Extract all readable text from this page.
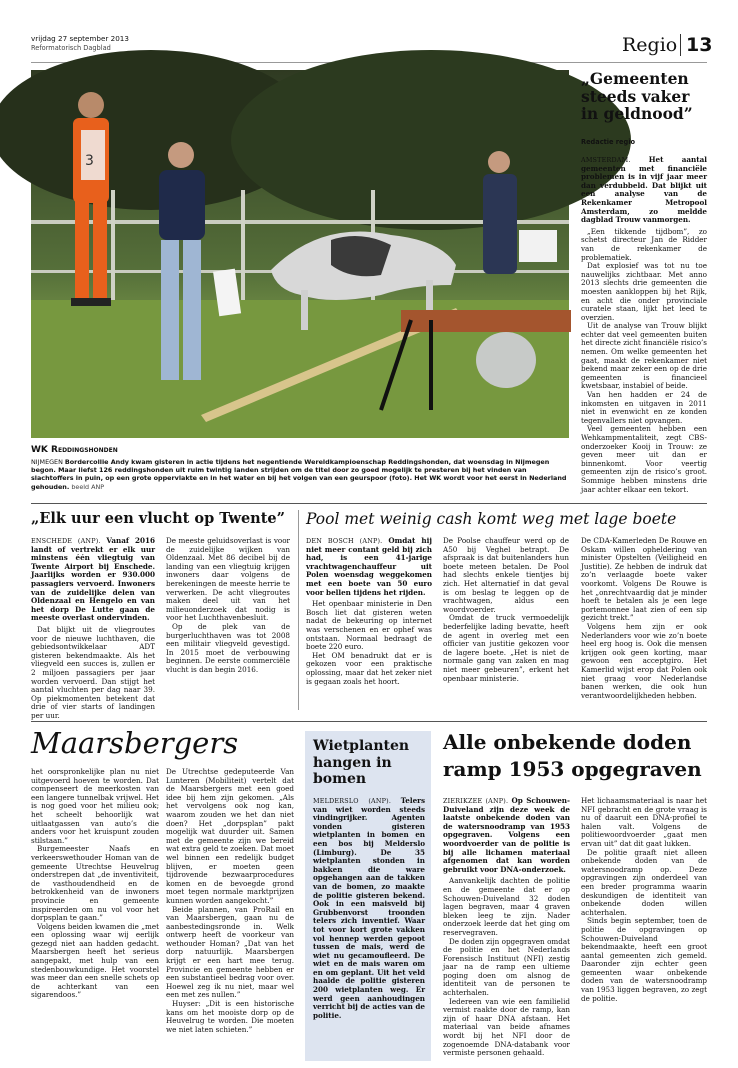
vrijdag 27 september 2013
Reformatorisch Dagblad	Regio 13
3
WK Reddingshonden
NIJMEGEN Bordercollie Andy kwam gisteren in actie tijdens het negentiende Wereldkampioenschap Reddingshonden, dat woensdag in Nijmegen begon. Maar liefst 126 reddingshonden uit ruim twintig landen strijden om de titel door zo goed mogelijk te presteren bij het vinden van slachtoffers in puin, op een grote oppervlakte en in het water en bij het volgen van een geurspoor (foto). Het WK wordt voor het eerst in Nederland gehouden. beeld ANP
„Gemeenten steeds vaker in geldnood”
Redactie regio

AMSTERDAM.	Het aantal gemeenten met financiële problemen is in vijf jaar meer dan verdubbeld. Dat blijkt uit een analyse van de Rekenkamer Metropool Amsterdam, zo meldde dagblad Trouw vanmorgen.

„Een tikkende tijdbom”, zo schetst directeur Jan de Ridder van de rekenkamer de problematiek.

Dat explosief was tot nu toe nauwelijks zichtbaar. Met anno 2013 slechts drie gemeenten die moesten aankloppen bij het Rijk, en acht die onder provinciale curatele staan, lijkt het leed te overzien.

Uit de analyse van Trouw blijkt echter dat veel gemeenten buiten het directe zicht financiële risico’s nemen. Om welke gemeenten het gaat, maakt de rekenkamer niet bekend maar zeker een op de drie gemeenten is financieel kwetsbaar, instabiel of beide.

Van hen hadden er 24 de inkomsten en uitgaven in 2011 niet in evenwicht en ze konden tegenvallers niet opvangen.

Veel gemeenten hebben een Wehkampmentaliteit, zegt CBS-onderzoeker Kooij in Trouw: ze geven meer uit dan er binnenkomt. Voor veertig gemeenten zijn de risico’s groot. Sommige hebben minstens drie jaar achter elkaar een tekort.

„Elk uur een vlucht op Twente”

ENSCHEDE (ANP). Vanaf 2016 landt of vertrekt er elk uur minstens één vliegtuig van Twente Airport bij Enschede. Jaarlijks worden er 930.000 passagiers vervoerd. Inwoners van de zuidelijke delen van Oldenzaal en Hengelo en van het dorp De Lutte gaan de meeste overlast ondervinden.

Dat blijkt uit de vliegroutes voor de nieuwe luchthaven, die gebiedsontwikkelaar ADT gisteren bekendmaakte. Als het vliegveld een succes is, zullen er 2 miljoen passagiers per jaar worden vervoerd. Dan stijgt het aantal vluchten per dag naar 39. Op piekmomenten betekent dat drie of vier starts of landingen per uur.

De meeste geluidsoverlast is voor de zuidelijke wijken van Oldenzaal. Met 86 decibel bij de landing van een vliegtuig krijgen inwoners daar volgens de berekeningen de meeste herrie te verwerken. De acht vliegroutes maken deel uit van het milieuonderzoek dat nodig is voor het Luchthavenbesluit.

Op de plek van de burgerluchthaven was tot 2008 een militair vliegveld gevestigd. In 2015 moet de verbouwing beginnen. De eerste commerciële vlucht is dan begin 2016.

Pool met weinig cash komt weg met lage boete

DEN BOSCH (ANP). Omdat hij niet meer contant geld bij zich had, is een 41-jarige vrachtwagenchauffeur uit Polen woensdag weggekomen met een boete van 50 euro voor bellen tijdens het rijden.

Het openbaar ministerie in Den Bosch liet dat gisteren weten nadat de bekeuring op internet was verschenen en er ophef was ontstaan. Normaal bedraagt de boete 220 euro.

Het OM benadrukt dat er is gekozen voor een praktische oplossing, maar dat het zeker niet is gegaan zoals het hoort.

De Poolse chauffeur werd op de A50 bij Veghel betrapt. De afspraak is dat buitenlanders hun boete meteen betalen. De Pool had slechts enkele tientjes bij zich. Het alternatief in dat geval is om beslag te leggen op de vrachtwagen, aldus een woordvoerder.

Omdat de truck vermoedelijk bederfelijke lading bevatte, heeft de agent in overleg met een officier van justitie gekozen voor de lagere boete. „Het is niet de normale gang van zaken en mag niet meer gebeuren”, erkent het openbaar ministerie.

De CDA-Kamerleden De Rouwe en Oskam willen opheldering van minister Opstelten (Veiligheid en Justitie). Ze hebben de indruk dat zo’n verlaagde boete vaker voorkomt. Volgens De Rouwe is het „onrechtvaardig dat je minder hoeft te betalen als je een lege portemonnee laat zien of een sip gezicht trekt.”

Volgens hem zijn er ook Nederlanders voor wie zo’n boete heel erg hoog is. Ook die mensen krijgen ook geen korting, maar gewoon een acceptgiro. Het Kamerlid wijst erop dat Polen ook niet graag voor Nederlandse banen werken, die ook hun verantwoordelijkheden hebben.

Maarsbergers

het oorspronkelijke plan nu niet uitgevoerd hoeven te worden. Dat compenseert de meerkosten van een langere tunnelbak vrijwel. Het is nog goed voor het milieu ook; het scheelt behoorlijk wat uitlaatgassen van auto’s die anders voor het kruispunt zouden stilstaan.”

Burgemeester Naafs en verkeerswethouder Homan van de gemeente Utrechtse Heuvelrug onderstrepen dat „de inventiviteit, de vasthoudendheid en de betrokkenheid van de inwoners provincie en gemeente inspireerden om nu vol voor het dorpsplan te gaan.”

Volgens beiden kwamen die „met een oplossing waar wij eerlijk gezegd niet aan hadden gedacht. Maarsbergen heeft het serieus aangepakt, met hulp van een stedenbouwkundige. Het voorstel was meer dan een snelle schets op de achterkant van een sigarendoos.”

De Utrechtse gedeputeerde Van Lunteren (Mobiliteit) vertelt dat de Maarsbergers met een goed idee bij hem zijn gekomen. „Als het vervolgens ook nog kan, waarom zouden we het dan niet doen? Het „dorpsplan” pakt mogelijk wat duurder uit. Samen met de gemeente zijn we bereid wat extra geld te zoeken. Dat moet wel binnen een redelijk budget blijven, er moeten geen tijdrovende bezwaarprocedures komen en de bevoegde grond moet tegen normale marktprijzen kunnen worden aangekocht.”

Beide plannen, van ProRail en van Maarsbergen, gaan nu de aanbestedingsronde in. Welk ontwerp heeft de voorkeur van wethouder Homan? „Dat van het dorp natuurlijk. Maarsbergen krijgt er een hart mee terug. Provincie en gemeente hebben er een substantieel bedrag voor over. Hoewel zeg ik nu niet, maar wel een met zes nullen.”

Huyser: „Dit is een historische kans om het mooiste dorp op de Heuvelrug te worden. Die moeten we niet laten schieten.”

Wietplanten hangen in bomen

MELDERSLO (ANP). Telers van wiet worden steeds vindingrijker. Agenten vonden gisteren wietplanten in bomen en een bos bij Melderslo (Limburg). De 35 wietplanten stonden in bakken die ware opgehangen aan de takken van de bomen, zo maakte de politie gisteren bekend. Ook in een maisveld bij Grubbenvorst troonden telers zich inventief. Waar tot voor kort grote vakken vol hennep werden gepoot tussen de mais, werd de wiet nu gecamoufleerd. De wiet en de mais waren om en om geplant. Uit het veld haalde de politie gisteren 200 wietplanten weg. Er werd geen aanhoudingen verricht bij de acties van de politie.

Alle onbekende doden ramp 1953 opgegraven

ZIERIKZEE (ANP). Op Schouwen-Duiveland zijn deze week de laatste onbekende doden van de watersnoodramp van 1953 opgegraven. Volgens een woordvoerder van de politie is bij alle lichamen materiaal afgenomen dat kan worden gebruikt voor DNA-onderzoek.

Aanvankelijk dachten de politie en de gemeente dat er op Schouwen-Duiveland 32 doden lagen begraven, maar 4 graven bleken leeg te zijn. Nader onderzoek leerde dat het ging om reservegraven.

De doden zijn opgegraven omdat de politie en het Nederlands Forensisch Instituut (NFI) zestig jaar na de ramp een ultieme poging doen om alsnog de identiteit van de personen te achterhalen.

Iedereen van wie een familielid vermist raakte door de ramp, kan zijn of haar DNA afstaan. Het materiaal van beide afnames wordt bij het NFI door de zogenoemde DNA-databank voor vermiste personen gehaald.

Het lichaamsmateriaal is naar het NFI gebracht en de grote vraag is nu of daaruit een DNA-profiel te halen valt. Volgens de politiewoordvoerder „gaat men ervan uit” dat dit gaat lukken.

De politie graaft niet alleen onbekende doden van de watersnoodramp op. Deze opgravingen zijn onderdeel van een breder programma waarin deskundigen de identiteit van onbekende doden willen achterhalen.

Sinds begin september, toen de politie de opgravingen op Schouwen-Duiveland bekendmaakte, heeft een groot aantal gemeenten zich gemeld. Daaronder zijn echter geen gemeenten waar onbekende doden van de watersnoodramp van 1953 liggen begraven, zo zegt de politie.
